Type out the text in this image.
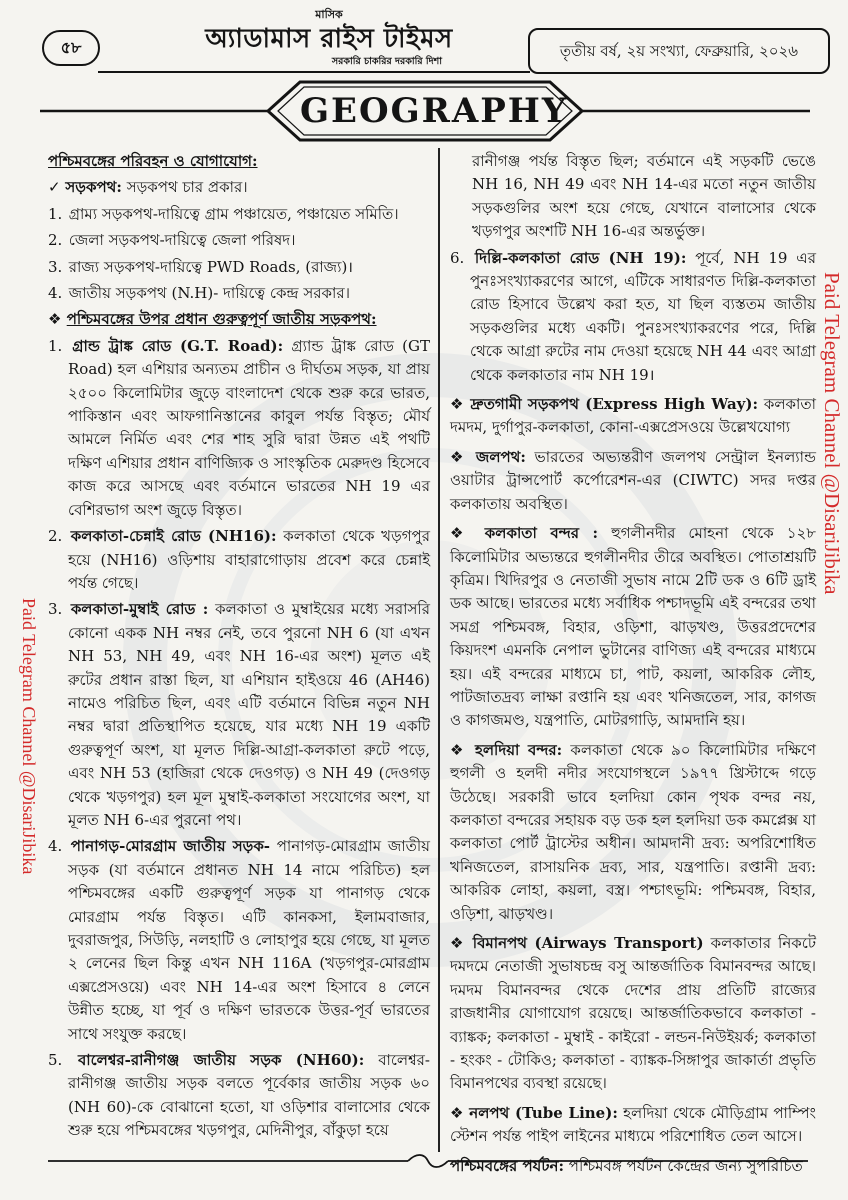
৫৮
মাসিক
অ্যাডামাস রাইস টাইমস
সরকারি চাকরির দরকারি দিশা
তৃতীয় বর্ষ, ২য় সংখ্যা, ফেব্রুয়ারি, ২০২৬
GEOGRAPHY

পশ্চিমবঙ্গের পরিবহন ও যোগাযোগ:

✓ সড়কপথ: সড়কপথ চার প্রকার।

1. গ্রাম্য সড়কপথ-দায়িত্বে গ্রাম পঞ্চায়েত, পঞ্চায়েত সমিতি।

2. জেলা সড়কপথ-দায়িত্বে জেলা পরিষদ।

3. রাজ্য সড়কপথ-দায়িত্বে PWD Roads, (রাজ্য)।

4. জাতীয় সড়কপথ (N.H)- দায়িত্বে কেন্দ্র সরকার।

❖ পশ্চিমবঙ্গের উপর প্রধান গুরুত্বপূর্ণ জাতীয় সড়কপথ:

1. গ্রান্ড ট্রাঙ্ক রোড (G.T. Road): গ্র্যান্ড ট্রাঙ্ক রোড (GT Road) হল এশিয়ার অন্যতম প্রাচীন ও দীর্ঘতম সড়ক, যা প্রায় ২৫০০ কিলোমিটার জুড়ে বাংলাদেশ থেকে শুরু করে ভারত, পাকিস্তান এবং আফগানিস্তানের কাবুল পর্যন্ত বিস্তৃত; মৌর্য আমলে নির্মিত এবং শের শাহ সুরি দ্বারা উন্নত এই পথটি দক্ষিণ এশিয়ার প্রধান বাণিজ্যিক ও সাংস্কৃতিক মেরুদণ্ড হিসেবে কাজ করে আসছে এবং বর্তমানে ভারতের NH 19 এর বেশিরভাগ অংশ জুড়ে বিস্তৃত।

2. কলকাতা-চেন্নাই রোড (NH16): কলকাতা থেকে খড়গপুর হয়ে (NH16) ওড়িশায় বাহারাগোড়ায় প্রবেশ করে চেন্নাই পর্যন্ত গেছে।

3. কলকাতা-মুম্বাই রোড : কলকাতা ও মুম্বাইয়ের মধ্যে সরাসরি কোনো একক NH নম্বর নেই, তবে পুরনো NH 6 (যা এখন NH 53, NH 49, এবং NH 16-এর অংশ) মূলত এই রুটের প্রধান রাস্তা ছিল, যা এশিয়ান হাইওয়ে 46 (AH46) নামেও পরিচিত ছিল, এবং এটি বর্তমানে বিভিন্ন নতুন NH নম্বর দ্বারা প্রতিস্থাপিত হয়েছে, যার মধ্যে NH 19 একটি গুরুত্বপূর্ণ অংশ, যা মূলত দিল্লি-আগ্রা-কলকাতা রুটে পড়ে, এবং NH 53 (হাজিরা থেকে দেওগড়) ও NH 49 (দেওগড় থেকে খড়গপুর) হল মূল মুম্বাই-কলকাতা সংযোগের অংশ, যা মূলত NH 6-এর পুরনো পথ।

4. পানাগড়-মোরগ্রাম জাতীয় সড়ক- পানাগড়-মোরগ্রাম জাতীয় সড়ক (যা বর্তমানে প্রধানত NH 14 নামে পরিচিত) হল পশ্চিমবঙ্গের একটি গুরুত্বপূর্ণ সড়ক যা পানাগড় থেকে মোরগ্রাম পর্যন্ত বিস্তৃত। এটি কানকসা, ইলামবাজার, দুবরাজপুর, সিউড়ি, নলহাটি ও লোহাপুর হয়ে গেছে, যা মূলত ২ লেনের ছিল কিন্তু এখন NH 116A (খড়গপুর-মোরগ্রাম এক্সপ্রেসওয়ে) এবং NH 14-এর অংশ হিসাবে ৪ লেনে উন্নীত হচ্ছে, যা পূর্ব ও দক্ষিণ ভারতকে উত্তর-পূর্ব ভারতের সাথে সংযুক্ত করছে।

5. বালেশ্বর-রানীগঞ্জ জাতীয় সড়ক (NH60): বালেশ্বর-রানীগঞ্জ জাতীয় সড়ক বলতে পূর্বেকার জাতীয় সড়ক ৬০ (NH 60)-কে বোঝানো হতো, যা ওড়িশার বালাসোর থেকে শুরু হয়ে পশ্চিমবঙ্গের খড়গপুর, মেদিনীপুর, বাঁকুড়া হয়ে

রানীগঞ্জ পর্যন্ত বিস্তৃত ছিল; বর্তমানে এই সড়কটি ভেঙে NH 16, NH 49 এবং NH 14-এর মতো নতুন জাতীয় সড়কগুলির অংশ হয়ে গেছে, যেখানে বালাসোর থেকে খড়গপুর অংশটি NH 16-এর অন্তর্ভুক্ত।

6. দিল্লি-কলকাতা রোড (NH 19): পূর্বে, NH 19 এর পুনঃসংখ্যাকরণের আগে, এটিকে সাধারণত দিল্লি-কলকাতা রোড হিসাবে উল্লেখ করা হত, যা ছিল ব্যস্ততম জাতীয় সড়কগুলির মধ্যে একটি। পুনঃসংখ্যাকরণের পরে, দিল্লি থেকে আগ্রা রুটের নাম দেওয়া হয়েছে NH 44 এবং আগ্রা থেকে কলকাতার নাম NH 19।

❖ দ্রুতগামী সড়কপথ (Express High Way): কলকাতা দমদম, দুর্গাপুর-কলকাতা, কোনা-এক্সপ্রেসওয়ে উল্লেখযোগ্য

❖ জলপথ: ভারতের অভ্যন্তরীণ জলপথ সেন্ট্রাল ইনল্যান্ড ওয়াটার ট্রান্সপোর্ট কর্পোরেশন-এর (CIWTC) সদর দপ্তর কলকাতায় অবস্থিত।

❖ কলকাতা বন্দর : হুগলীনদীর মোহনা থেকে ১২৮ কিলোমিটার অভ্যন্তরে হুগলীনদীর তীরে অবস্থিত। পোতাশ্রয়টি কৃত্রিম। খিদিরপুর ও নেতাজী সুভাষ নামে 2টি ডক ও 6টি ড্রাই ডক আছে। ভারতের মধ্যে সর্বাধিক পশ্চাদভূমি এই বন্দরের তথা সমগ্র পশ্চিমবঙ্গ, বিহার, ওড়িশা, ঝাড়খণ্ড, উত্তরপ্রদেশের কিয়দংশ এমনকি নেপাল ভুটানের বাণিজ্য এই বন্দরের মাধ্যমে হয়। এই বন্দরের মাধ্যমে চা, পাট, কয়লা, আকরিক লৌহ, পাটজাতদ্রব্য লাক্ষা রপ্তানি হয় এবং খনিজতেল, সার, কাগজ ও কাগজমণ্ড, যন্ত্রপাতি, মোটরগাড়ি, আমদানি হয়।

❖ হলদিয়া বন্দর: কলকাতা থেকে ৯০ কিলোমিটার দক্ষিণে হুগলী ও হলদী নদীর সংযোগস্থলে ১৯৭৭ খ্রিস্টাব্দে গড়ে উঠেছে। সরকারী ভাবে হলদিয়া কোন পৃথক বন্দর নয়, কলকাতা বন্দরের সহায়ক বড় ডক হল হলদিয়া ডক কমপ্লেক্স যা কলকাতা পোর্ট ট্রাস্টের অধীন। আমদানী দ্রব্য: অপরিশোধিত খনিজতেল, রাসায়নিক দ্রব্য, সার, যন্ত্রপাতি। রপ্তানী দ্রব্য: আকরিক লোহা, কয়লা, বস্ত্র। পশ্চাৎভূমি: পশ্চিমবঙ্গ, বিহার, ওড়িশা, ঝাড়খণ্ড।

❖ বিমানপথ (Airways Transport) কলকাতার নিকটে দমদমে নেতাজী সুভাষচন্দ্র বসু আন্তর্জাতিক বিমানবন্দর আছে। দমদম বিমানবন্দর থেকে দেশের প্রায় প্রতিটি রাজ্যের রাজধানীর যোগাযোগ রয়েছে। আন্তর্জাতিকভাবে কলকাতা - ব্যাঙ্কক; কলকাতা - মুম্বাই - কাইরো - লন্ডন-নিউইয়র্ক; কলকাতা - হংকং - টোকিও; কলকাতা - ব্যাঙ্কক-সিঙ্গাপুর জাকার্তা প্রভৃতি বিমানপথের ব্যবস্থা রয়েছে।

❖ নলপথ (Tube Line): হলদিয়া থেকে মৌড়িগ্রাম পাম্পিং স্টেশন পর্যন্ত পাইপ লাইনের মাধ্যমে পরিশোধিত তেল আসে।

পশ্চিমবঙ্গের পর্যটন: পশ্চিমবঙ্গ পর্যটন কেন্দ্রের জন্য সুপরিচিত

Paid Telegram Channel @DisariJibika
Paid Telegram Channel @DisariJibika
